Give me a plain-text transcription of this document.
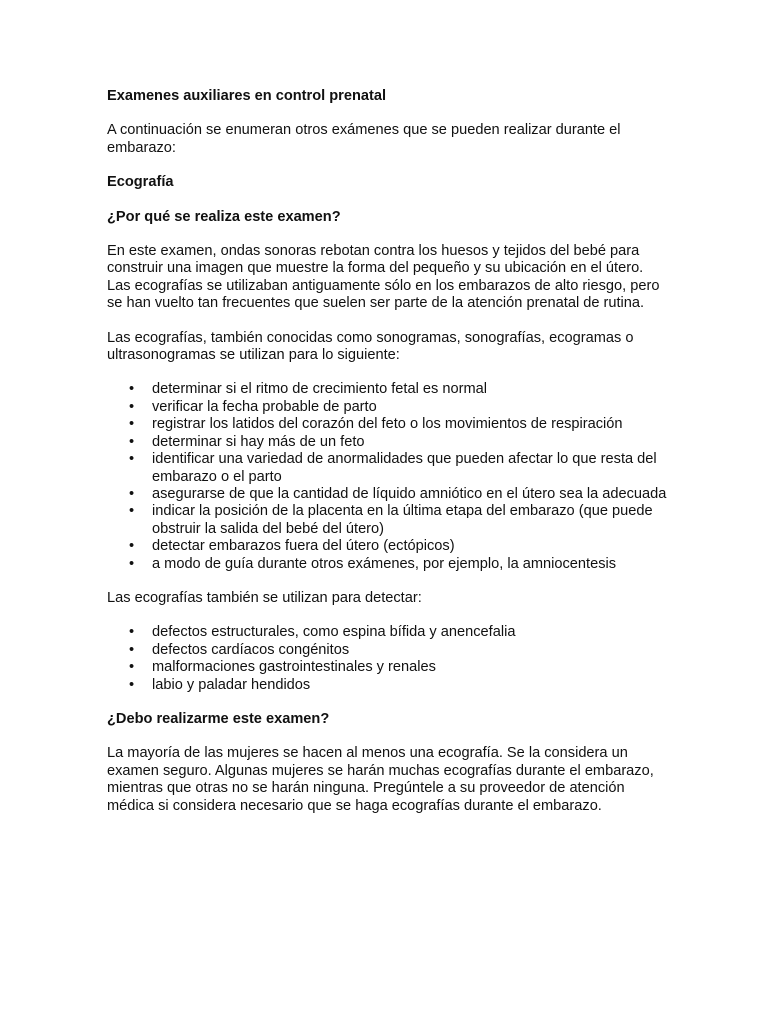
Examenes auxiliares en control prenatal

A continuación se enumeran otros exámenes que se pueden realizar durante el embarazo:

Ecografía

¿Por qué se realiza este examen?

En este examen, ondas sonoras rebotan contra los huesos y tejidos del bebé para construir una imagen que muestre la forma del pequeño y su ubicación en el útero. Las ecografías se utilizaban antiguamente sólo en los embarazos de alto riesgo, pero se han vuelto tan frecuentes que suelen ser parte de la atención prenatal de rutina.

Las ecografías, también conocidas como sonogramas, sonografías, ecogramas o ultrasonogramas se utilizan para lo siguiente:

• determinar si el ritmo de crecimiento fetal es normal
• verificar la fecha probable de parto
• registrar los latidos del corazón del feto o los movimientos de respiración
• determinar si hay más de un feto
• identificar una variedad de anormalidades que pueden afectar lo que resta del embarazo o el parto
• asegurarse de que la cantidad de líquido amniótico en el útero sea la adecuada
• indicar la posición de la placenta en la última etapa del embarazo (que puede obstruir la salida del bebé del útero)
• detectar embarazos fuera del útero (ectópicos)
• a modo de guía durante otros exámenes, por ejemplo, la amniocentesis

Las ecografías también se utilizan para detectar:

• defectos estructurales, como espina bífida y anencefalia
• defectos cardíacos congénitos
• malformaciones gastrointestinales y renales
• labio y paladar hendidos

¿Debo realizarme este examen?

La mayoría de las mujeres se hacen al menos una ecografía. Se la considera un examen seguro. Algunas mujeres se harán muchas ecografías durante el embarazo, mientras que otras no se harán ninguna. Pregúntele a su proveedor de atención médica si considera necesario que se haga ecografías durante el embarazo.
